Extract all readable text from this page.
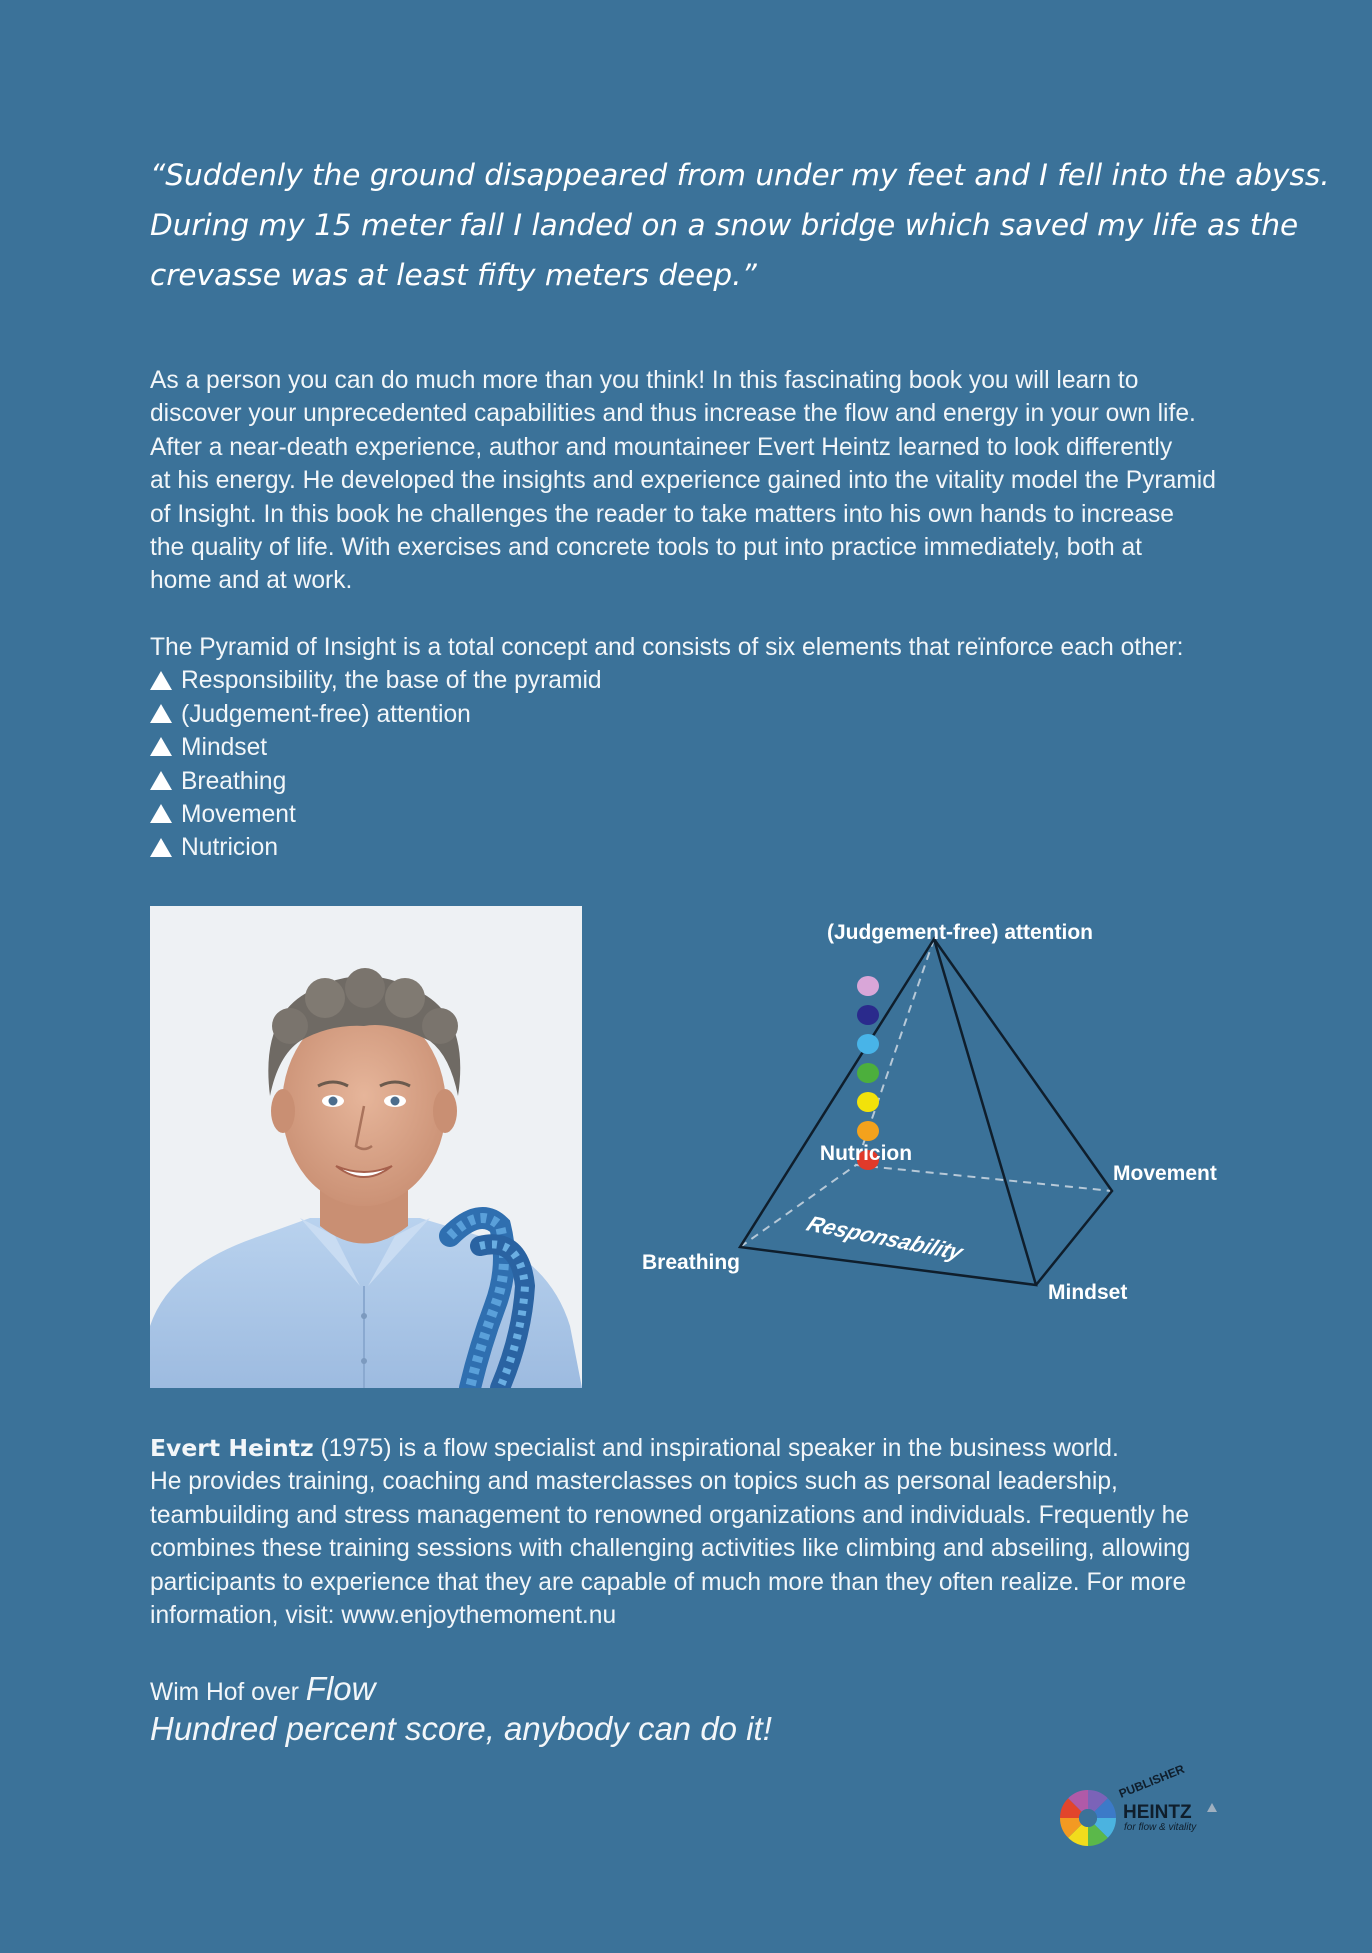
“Suddenly the ground disappeared from under my feet and I fell into the abyss.
During my 15 meter fall I landed on a snow bridge which saved my life as the
crevasse was at least fifty meters deep.”
As a person you can do much more than you think! In this fascinating book you will learn to
discover your unprecedented capabilities and thus increase the flow and energy in your own life.
After a near-death experience, author and mountaineer Evert Heintz learned to look differently
at his energy. He developed the insights and experience gained into the vitality model the Pyramid
of Insight. In this book he challenges the reader to take matters into his own hands to increase
the quality of life. With exercises and concrete tools to put into practice immediately, both at
home and at work.
The Pyramid of Insight is a total concept and consists of six elements that reïnforce each other:
Responsibility, the base of the pyramid
(Judgement-free) attention
Mindset
Breathing
Movement
Nutricion
(Judgement-free) attention
Nutricion
Movement
Breathing
Mindset
Responsability
Evert Heintz (1975) is a flow specialist and inspirational speaker in the business world.
He provides training, coaching and masterclasses on topics such as personal leadership,
teambuilding and stress management to renowned organizations and individuals. Frequently he
combines these training sessions with challenging activities like climbing and abseiling, allowing
participants to experience that they are capable of much more than they often realize. For more
information, visit: www.enjoythemoment.nu
Wim Hof over Flow
Hundred percent score, anybody can do it!
PUBLISHER
HEINTZ
for flow & vitality
